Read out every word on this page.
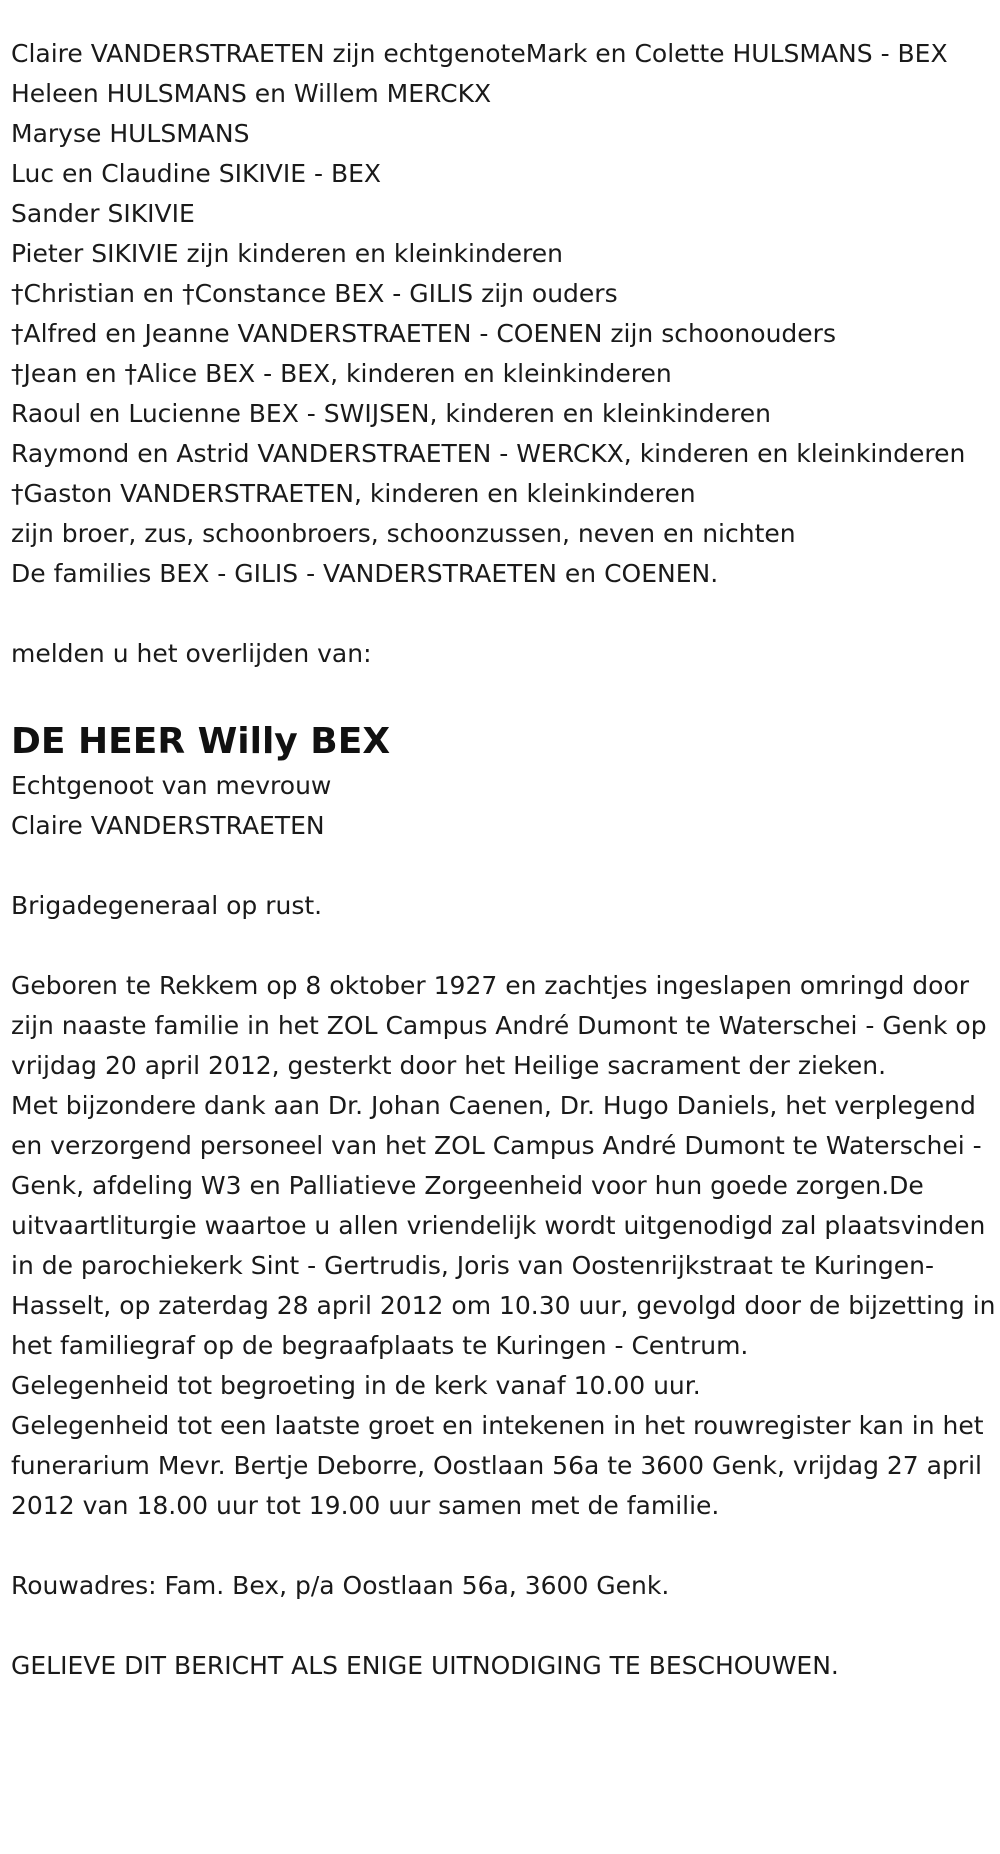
Claire VANDERSTRAETEN zijn echtgenoteMark en Colette HULSMANS - BEX
Heleen HULSMANS en Willem MERCKX
Maryse HULSMANS
Luc en Claudine SIKIVIE - BEX
Sander SIKIVIE
Pieter SIKIVIE zijn kinderen en kleinkinderen
†Christian en †Constance BEX - GILIS zijn ouders
†Alfred en Jeanne VANDERSTRAETEN - COENEN zijn schoonouders
†Jean en †Alice BEX - BEX, kinderen en kleinkinderen
Raoul en Lucienne BEX - SWIJSEN, kinderen en kleinkinderen
Raymond en Astrid VANDERSTRAETEN - WERCKX, kinderen en kleinkinderen
†Gaston VANDERSTRAETEN, kinderen en kleinkinderen
zijn broer, zus, schoonbroers, schoonzussen, neven en nichten
De families BEX - GILIS - VANDERSTRAETEN en COENEN.

melden u het overlijden van:

DE HEER Willy BEX
Echtgenoot van mevrouw
Claire VANDERSTRAETEN

Brigadegeneraal op rust.

Geboren te Rekkem op 8 oktober 1927 en zachtjes ingeslapen omringd door zijn naaste familie in het ZOL Campus André Dumont te Waterschei - Genk op vrijdag 20 april 2012, gesterkt door het Heilige sacrament der zieken.

Met bijzondere dank aan Dr. Johan Caenen, Dr. Hugo Daniels, het verplegend en verzorgend personeel van het ZOL Campus André Dumont te Waterschei - Genk, afdeling W3 en Palliatieve Zorgeenheid voor hun goede zorgen.De uitvaartliturgie waartoe u allen vriendelijk wordt uitgenodigd zal plaatsvinden in de parochiekerk Sint - Gertrudis, Joris van Oostenrijkstraat te Kuringen-Hasselt, op zaterdag 28 april 2012 om 10.30 uur, gevolgd door de bijzetting in het familiegraf op de begraafplaats te Kuringen - Centrum.

Gelegenheid tot begroeting in de kerk vanaf 10.00 uur.

Gelegenheid tot een laatste groet en intekenen in het rouwregister kan in het funerarium Mevr. Bertje Deborre, Oostlaan 56a te 3600 Genk, vrijdag 27 april 2012 van 18.00 uur tot 19.00 uur samen met de familie.

Rouwadres: Fam. Bex, p/a Oostlaan 56a, 3600 Genk.

GELIEVE DIT BERICHT ALS ENIGE UITNODIGING TE BESCHOUWEN.
